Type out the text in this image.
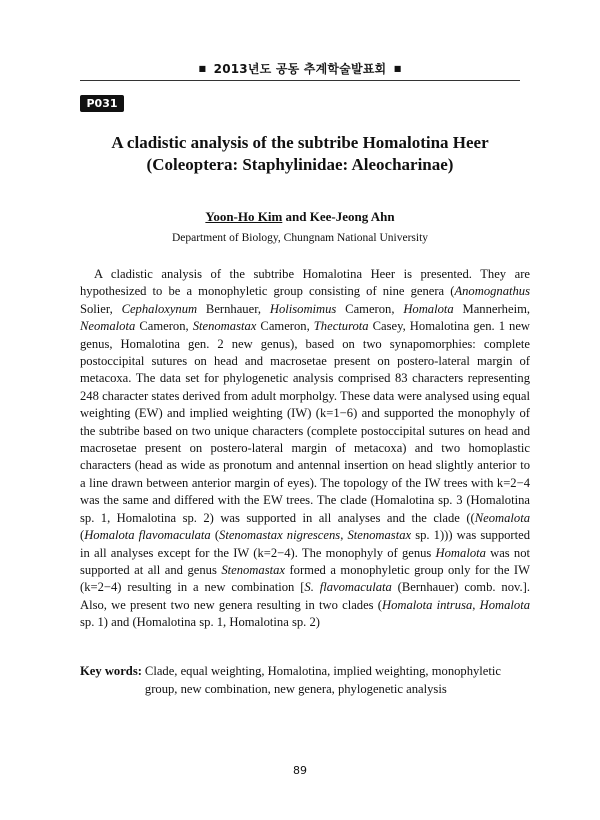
■ 2013년도 공동 추계학술발표회 ■
P031
A cladistic analysis of the subtribe Homalotina Heer
(Coleoptera: Staphylinidae: Aleocharinae)
Yoon-Ho Kim and Kee-Jeong Ahn
Department of Biology, Chungnam National University

A cladistic analysis of the subtribe Homalotina Heer is presented. They are hypothesized to be a monophyletic group consisting of nine genera (Anomognathus Solier, Cephaloxynum Bernhauer, Holisomimus Cameron, Homalota Mannerheim, Neomalota Cameron, Stenomastax Cameron, Thecturota Casey, Homalotina gen. 1 new genus, Homalotina gen. 2 new genus), based on two synapomorphies: complete postoccipital sutures on head and macrosetae present on postero-lateral margin of metacoxa. The data set for phylogenetic analysis comprised 83 characters representing 248 character states derived from adult morpholgy. These data were analysed using equal weighting (EW) and implied weighting (IW) (k=1−6) and supported the monophyly of the subtribe based on two unique characters (complete postoccipital sutures on head and macrosetae present on postero-lateral margin of metacoxa) and two homoplastic characters (head as wide as pronotum and antennal insertion on head slightly anterior to a line drawn between anterior margin of eyes). The topology of the IW trees with k=2−4 was the same and differed with the EW trees. The clade (Homalotina sp. 3 (Homalotina sp. 1, Homalotina sp. 2) was supported in all analyses and the clade ((Neomalota (Homalota flavomaculata (Stenomastax nigrescens, Stenomastax sp. 1))) was supported in all analyses except for the IW (k=2−4). The monophyly of genus Homalota was not supported at all and genus Stenomastax formed a monophyletic group only for the IW (k=2−4) resulting in a new combination [S. flavomaculata (Bernhauer) comb. nov.]. Also, we present two new genera resulting in two clades (Homalota intrusa, Homalota sp. 1) and (Homalotina sp. 1, Homalotina sp. 2)

Key words: Clade, equal weighting, Homalotina, implied weighting, monophyletic group, new combination, new genera, phylogenetic analysis
89
